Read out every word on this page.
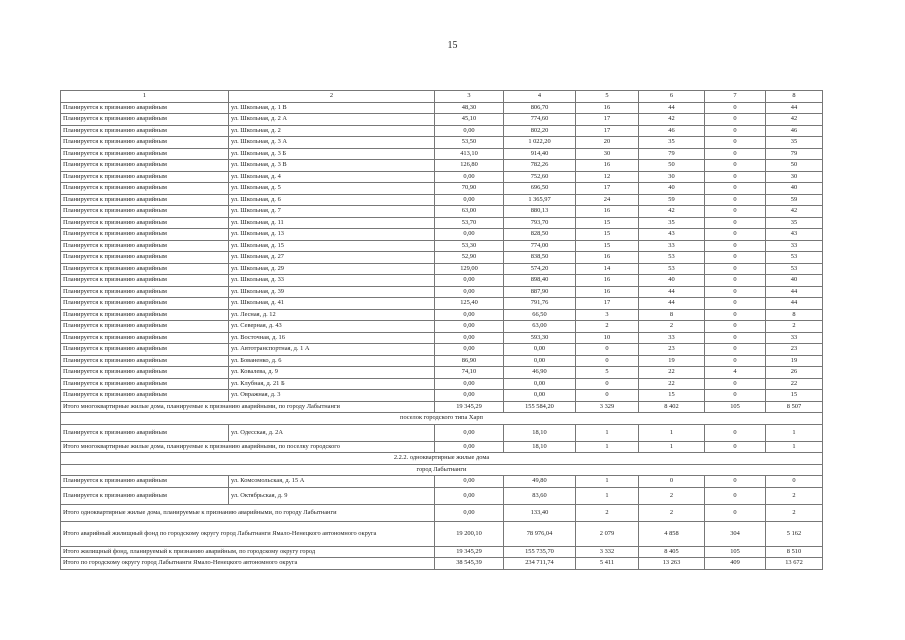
15
1	2	3	4	5	6	7	8
Планируется к признанию аварийным	ул. Школьная, д. 1 В	48,30	806,70	16	44	0	44
Планируется к признанию аварийным	ул. Школьная, д. 2 А	45,10	774,60	17	42	0	42
Планируется к признанию аварийным	ул. Школьная, д. 2	0,00	802,20	17	46	0	46
Планируется к признанию аварийным	ул. Школьная, д. 3 А	53,50	1 022,20	20	35	0	35
Планируется к признанию аварийным	ул. Школьная, д. 3 Б	413,10	914,40	30	79	0	79
Планируется к признанию аварийным	ул. Школьная, д. 3 В	126,80	782,26	16	50	0	50
Планируется к признанию аварийным	ул. Школьная, д. 4	0,00	752,60	12	30	0	30
Планируется к признанию аварийным	ул. Школьная, д. 5	70,90	696,50	17	40	0	40
Планируется к признанию аварийным	ул. Школьная, д. 6	0,00	1 365,97	24	59	0	59
Планируется к признанию аварийным	ул. Школьная, д. 7	63,00	880,13	16	42	0	42
Планируется к признанию аварийным	ул. Школьная, д. 11	53,70	793,70	15	35	0	35
Планируется к признанию аварийным	ул. Школьная, д. 13	0,00	828,50	15	43	0	43
Планируется к признанию аварийным	ул. Школьная, д. 15	53,30	774,00	15	33	0	33
Планируется к признанию аварийным	ул. Школьная, д. 27	52,90	838,50	16	53	0	53
Планируется к признанию аварийным	ул. Школьная, д. 29	129,00	574,20	14	53	0	53
Планируется к признанию аварийным	ул. Школьная, д. 33	0,00	898,40	16	40	0	40
Планируется к признанию аварийным	ул. Школьная, д. 39	0,00	887,90	16	44	0	44
Планируется к признанию аварийным	ул. Школьная, д. 41	125,40	791,76	17	44	0	44
Планируется к признанию аварийным	ул. Лесная, д. 12	0,00	66,50	3	8	0	8
Планируется к признанию аварийным	ул. Северная, д. 43	0,00	63,00	2	2	0	2
Планируется к признанию аварийным	ул. Восточная, д. 16	0,00	593,30	10	33	0	33
Планируется к признанию аварийным	ул. Автотранспортная, д. 1 А	0,00	0,00	0	23	0	23
Планируется к признанию аварийным	ул. Бованенко, д. 6	86,90	0,00	0	19	0	19
Планируется к признанию аварийным	ул. Ковалева, д. 9	74,10	46,90	5	22	4	26
Планируется к признанию аварийным	ул. Клубная, д. 21 Б	0,00	0,00	0	22	0	22
Планируется к признанию аварийным	ул. Овражная, д. 3	0,00	0,00	0	15	0	15
Итого многоквартирные жилые дома, планируемые к признанию аварийными, по городу Лабытнанги		19 345,29	155 584,20	3 329	8 402	105	8 507
поселок городского типа Харп							
Планируется к признанию аварийным	ул. Одесская, д. 2А	0,00	18,10	1	1	0	1
Итого многоквартирные жилые дома, планируемые к признанию аварийными, по поселку городского		0,00	18,10	1	1	0	1
2.2.2. одноквартирные жилые дома							
город Лабытнанги							
Планируется к признанию аварийным	ул. Комсомольская, д. 15 А	0,00	49,80	1	0	0	0
Планируется к признанию аварийным	ул. Октябрьская, д. 9	0,00	83,60	1	2	0	2
Итого одноквартирные жилые дома, планируемые к признанию аварийными, по городу Лабытнанги		0,00	133,40	2	2	0	2
Итого аварийный жилищный фонд по городскому округу город Лабытнанги Ямало-Ненецкого автономного округа		19 200,10	78 976,04	2 079	4 858	304	5 162
Итого жилищный фонд, планируемый к признанию аварийным, по городскому округу город		19 345,29	155 735,70	3 332	8 405	105	8 510
Итого по городскому округу город Лабытнанги Ямало-Ненецкого автономного округа		38 545,39	234 711,74	5 411	13 263	409	13 672
